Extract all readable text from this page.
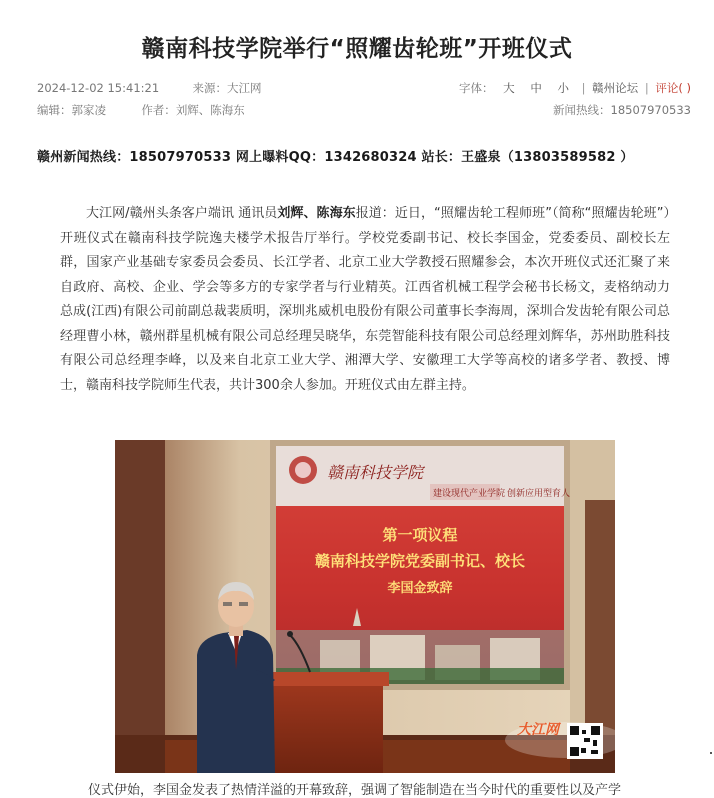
赣南科技学院举行“照耀齿轮班”开班仪式
2024-12-02 15:41:21	来源：大江网	字体： 大 中 小 | 赣州论坛 | 评论( )
编辑：郭家凌	作者：刘辉、陈海东	新闻热线：18507970533
赣州新闻热线：18507970533 网上曝料QQ：1342680324 站长：王盛泉（13803589582 ）

大江网/赣州头条客户端讯 通讯员刘辉、陈海东报道：近日，“照耀齿轮工程师班”（简称“照耀齿轮班”）开班仪式在赣南科技学院逸夫楼学术报告厅举行。学校党委副书记、校长李国金，党委委员、副校长左群，国家产业基础专家委员会委员、长江学者、北京工业大学教授石照耀参会，本次开班仪式还汇聚了来自政府、高校、企业、学会等多方的专家学者与行业精英。江西省机械工程学会秘书长杨文，麦格纳动力总成(江西)有限公司前副总裁裴质明，深圳兆威机电股份有限公司董事长李海周，深圳合发齿轮有限公司总经理曹小林，赣州群星机械有限公司总经理吴晓华，东莞智能科技有限公司总经理刘辉华，苏州助胜科技有限公司总经理李峰，以及来自北京工业大学、湘潭大学、安徽理工大学等高校的诸多学者、教授、博士，赣南科技学院师生代表，共计300余人参加。开班仪式由左群主持。

赣南科技学院
建设现代产业学院 创新应用型育人
第一项议程
赣南科技学院党委副书记、校长
李国金致辞
大江网
仪式伊始，李国金发表了热情洋溢的开幕致辞，强调了智能制造在当今时代的重要性以及产学
